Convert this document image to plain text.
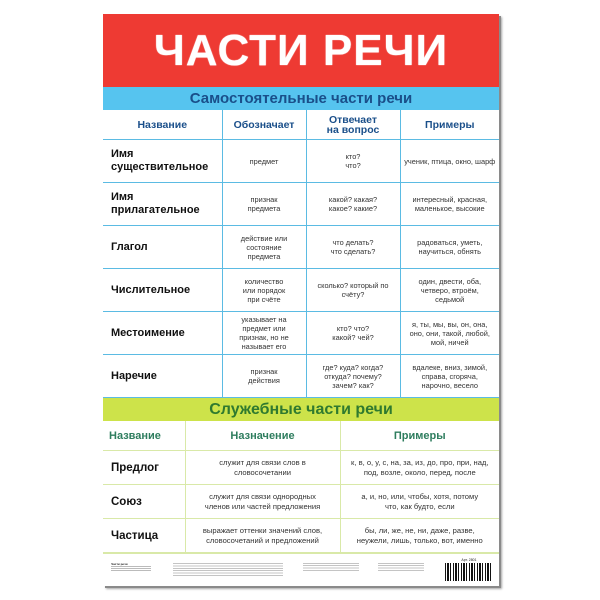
ЧАСТИ РЕЧИ
Самостоятельные части речи
Название	Обозначает	Отвечает на вопрос	Примеры
Имя существительное	предмет	кто? что?	ученик, птица, окно, шарф
Имя прилагательное	признак предмета	какой? какая? какое? какие?	интересный, красная, маленькое, высокие
Глагол	действие или состояние предмета	что делать? что сделать?	радоваться, уметь, научиться, обнять
Числительное	количество или порядок при счёте	сколько? который по счёту?	один, двести, оба, четверо, втроём, седьмой
Местоимение	указывает на предмет или признак, но не называет его	кто? что? какой? чей?	я, ты, мы, вы, он, она, оно, они, такой, любой, мой, ничей
Наречие	признак действия	где? куда? когда? откуда? почему? зачем? как?	вдалеке, вниз, зимой, справа, сгоряча, нарочно, весело
Служебные части речи
Название	Назначение	Примеры
Предлог	служит для связи слов в словосочетании	к, в, о, у, с, на, за, из, до, про, при, над, под, возле, около, перед, после
Союз	служит для связи однородных членов или частей предложения	а, и, но, или, чтобы, хотя, потому что, как будто, если
Частица	выражает оттенки значений слов, словосочетаний и предложений	бы, ли, же, не, ни, даже, разве, неужели, лишь, только, вот, именно
Части речи
Арт. 2801
